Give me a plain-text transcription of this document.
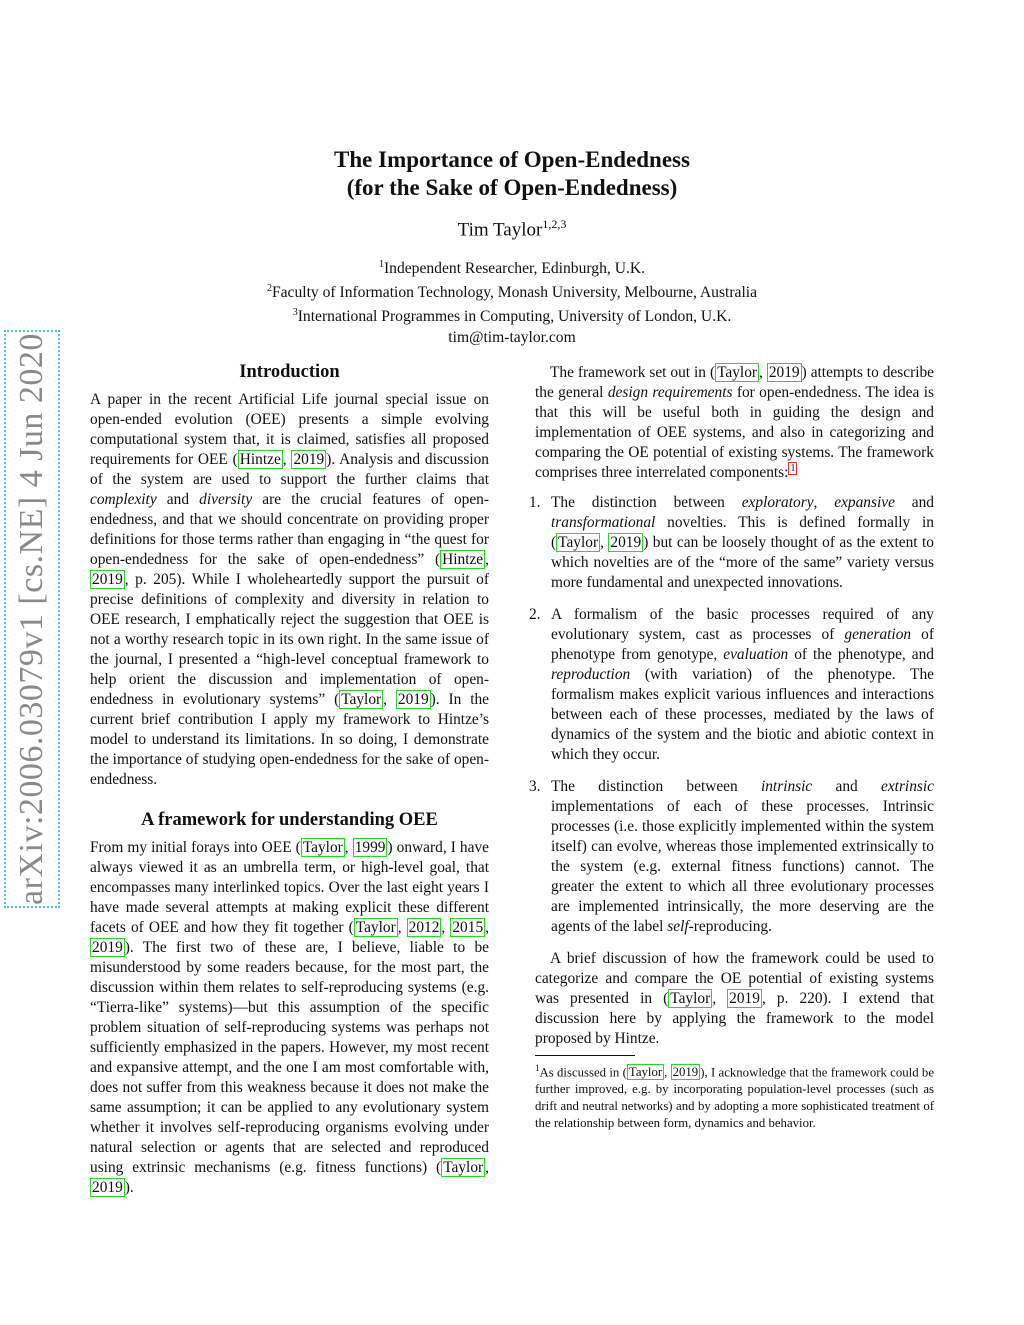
arXiv:2006.03079v1 [cs.NE] 4 Jun 2020
The Importance of Open-Endedness
(for the Sake of Open-Endedness)
Tim Taylor$^{1,2,3}$
$^1$Independent Researcher, Edinburgh, U.K.
$^2$Faculty of Information Technology, Monash University, Melbourne, Australia
$^3$International Programmes in Computing, University of London, U.K.
tim@tim-taylor.com
Introduction

A paper in the recent Artificial Life journal special issue on open-ended evolution (OEE) presents a simple evolving computational system that, it is claimed, satisfies all proposed requirements for OEE ( Hintze , 2019 ). Analysis and discussion of the system are used to support the further claims that complexity and diversity are the crucial features of open-endedness, and that we should concentrate on providing proper definitions for those terms rather than engaging in “the quest for open-endedness for the sake of open-endedness” ( Hintze , 2019 , p. 205). While I wholeheartedly support the pursuit of precise definitions of complexity and diversity in relation to OEE research, I emphatically reject the suggestion that OEE is not a worthy research topic in its own right. In the same issue of the journal, I presented a “high-level conceptual framework to help orient the discussion and implementation of open-endedness in evolutionary systems” ( Taylor , 2019 ). In the current brief contribution I apply my framework to Hintze’s model to understand its limitations. In so doing, I demonstrate the importance of studying open-endedness for the sake of open-endedness.

A framework for understanding OEE

From my initial forays into OEE ( Taylor , 1999 ) onward, I have always viewed it as an umbrella term, or high-level goal, that encompasses many interlinked topics. Over the last eight years I have made several attempts at making explicit these different facets of OEE and how they fit together ( Taylor , 2012 , 2015 , 2019 ). The first two of these are, I believe, liable to be misunderstood by some readers because, for the most part, the discussion within them relates to self-reproducing systems (e.g. “Tierra-like” systems)—but this assumption of the specific problem situation of self-reproducing systems was perhaps not sufficiently emphasized in the papers. However, my most recent and expansive attempt, and the one I am most comfortable with, does not suffer from this weakness because it does not make the same assumption; it can be applied to any evolutionary system whether it involves self-reproducing organisms evolving under natural selection or agents that are selected and reproduced using extrinsic mechanisms (e.g. fitness functions) ( Taylor , 2019 ).

The framework set out in ( Taylor , 2019 ) attempts to describe the general design requirements for open-endedness. The idea is that this will be useful both in guiding the design and implementation of OEE systems, and also in categorizing and comparing the OE potential of existing systems. The framework comprises three interrelated components: $^1$

1. The distinction between exploratory, expansive and transformational novelties. This is defined formally in ( Taylor , 2019 ) but can be loosely thought of as the extent to which novelties are of the “more of the same” variety versus more fundamental and unexpected innovations.
2. A formalism of the basic processes required of any evolutionary system, cast as processes of generation of phenotype from genotype, evaluation of the phenotype, and reproduction (with variation) of the phenotype. The formalism makes explicit various influences and interactions between each of these processes, mediated by the laws of dynamics of the system and the biotic and abiotic context in which they occur.
3. The distinction between intrinsic and extrinsic implementations of each of these processes. Intrinsic processes (i.e. those explicitly implemented within the system itself) can evolve, whereas those implemented extrinsically to the system (e.g. external fitness functions) cannot. The greater the extent to which all three evolutionary processes are implemented intrinsically, the more deserving are the agents of the label self-reproducing.

A brief discussion of how the framework could be used to categorize and compare the OE potential of existing systems was presented in ( Taylor , 2019 , p. 220). I extend that discussion here by applying the framework to the model proposed by Hintze.

$^1$As discussed in ( Taylor , 2019 ), I acknowledge that the framework could be further improved, e.g. by incorporating population-level processes (such as drift and neutral networks) and by adopting a more sophisticated treatment of the relationship between form, dynamics and behavior.
